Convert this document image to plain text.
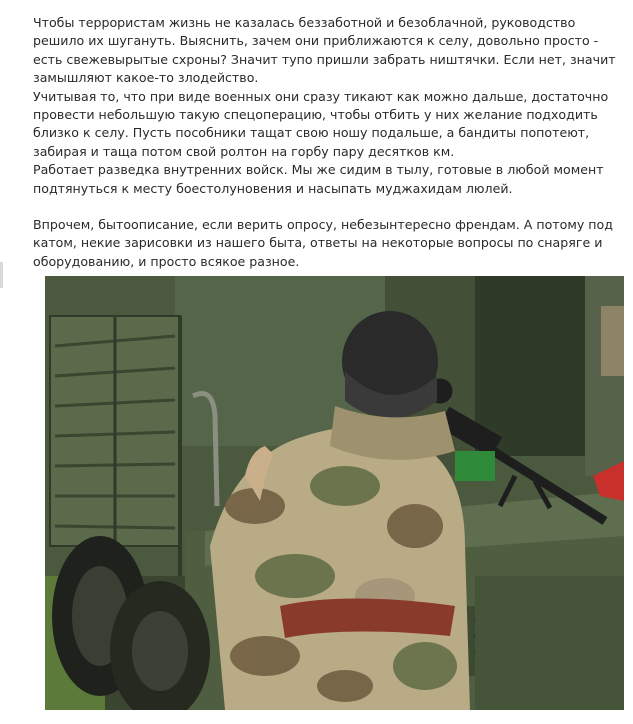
Чтобы террористам жизнь не казалась беззаботной и безоблачной, руководство решило их шугануть. Выяснить, зачем они приближаются к селу, довольно просто - есть свежевырытые схроны? Значит тупо пришли забрать ништячки. Если нет, значит замышляют какое-то злодейство.

Учитывая то, что при виде военных они сразу тикают как можно дальше, достаточно провести небольшую такую спецоперацию, чтобы отбить у них желание подходить близко к селу. Пусть пособники тащат свою ношу подальше, а бандиты попотеют, забирая и таща потом свой ролтон на горбу пару десятков км.

Работает разведка внутренних войск. Мы же сидим в тылу, готовые в любой момент подтянуться к месту боестолуновения и насыпать муджахидам люлей.

Впрочем, бытоописание, если верить опросу, небезынтересно френдам. А потому под катом, некие зарисовки из нашего быта, ответы на некоторые вопросы по снаряге и оборудованию, и просто всякое разное.
